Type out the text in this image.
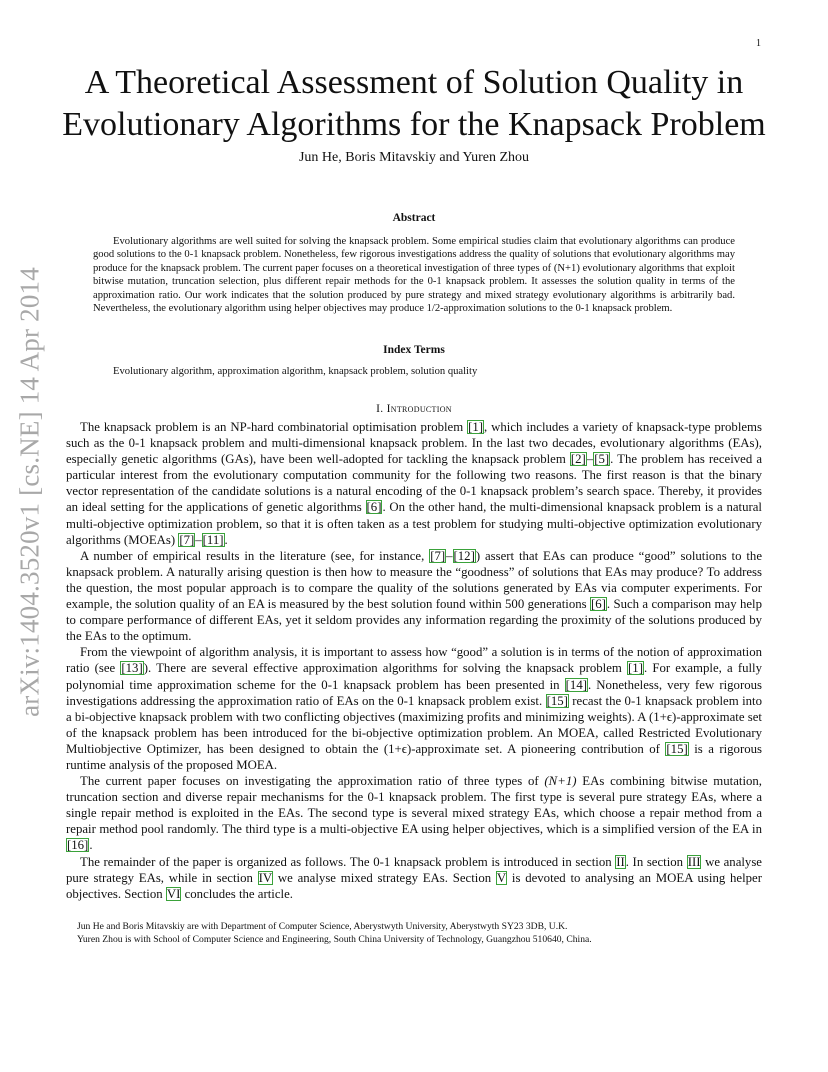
1
arXiv:1404.3520v1 [cs.NE] 14 Apr 2014
A Theoretical Assessment of Solution Quality in Evolutionary Algorithms for the Knapsack Problem
Jun He, Boris Mitavskiy and Yuren Zhou
Abstract
Evolutionary algorithms are well suited for solving the knapsack problem. Some empirical studies claim that evolutionary algorithms can produce good solutions to the 0-1 knapsack problem. Nonetheless, few rigorous investigations address the quality of solutions that evolutionary algorithms may produce for the knapsack problem. The current paper focuses on a theoretical investigation of three types of (N+1) evolutionary algorithms that exploit bitwise mutation, truncation selection, plus different repair methods for the 0-1 knapsack problem. It assesses the solution quality in terms of the approximation ratio. Our work indicates that the solution produced by pure strategy and mixed strategy evolutionary algorithms is arbitrarily bad. Nevertheless, the evolutionary algorithm using helper objectives may produce 1/2-approximation solutions to the 0-1 knapsack problem.
Index Terms
Evolutionary algorithm, approximation algorithm, knapsack problem, solution quality
I. Introduction

The knapsack problem is an NP-hard combinatorial optimisation problem [1], which includes a variety of knapsack-type problems such as the 0-1 knapsack problem and multi-dimensional knapsack problem. In the last two decades, evolutionary algorithms (EAs), especially genetic algorithms (GAs), have been well-adopted for tackling the knapsack problem [2]–[5]. The problem has received a particular interest from the evolutionary computation community for the following two reasons. The first reason is that the binary vector representation of the candidate solutions is a natural encoding of the 0-1 knapsack problem’s search space. Thereby, it provides an ideal setting for the applications of genetic algorithms [6]. On the other hand, the multi-dimensional knapsack problem is a natural multi-objective optimization problem, so that it is often taken as a test problem for studying multi-objective optimization evolutionary algorithms (MOEAs) [7]–[11].

A number of empirical results in the literature (see, for instance, [7]–[12]) assert that EAs can produce “good” solutions to the knapsack problem. A naturally arising question is then how to measure the “goodness” of solutions that EAs may produce? To address the question, the most popular approach is to compare the quality of the solutions generated by EAs via computer experiments. For example, the solution quality of an EA is measured by the best solution found within 500 generations [6]. Such a comparison may help to compare performance of different EAs, yet it seldom provides any information regarding the proximity of the solutions produced by the EAs to the optimum.

From the viewpoint of algorithm analysis, it is important to assess how “good” a solution is in terms of the notion of approximation ratio (see [13]). There are several effective approximation algorithms for solving the knapsack problem [1]. For example, a fully polynomial time approximation scheme for the 0-1 knapsack problem has been presented in [14]. Nonetheless, very few rigorous investigations addressing the approximation ratio of EAs on the 0-1 knapsack problem exist. [15] recast the 0-1 knapsack problem into a bi-objective knapsack problem with two conflicting objectives (maximizing profits and minimizing weights). A (1+ϵ)-approximate set of the knapsack problem has been introduced for the bi-objective optimization problem. An MOEA, called Restricted Evolutionary Multiobjective Optimizer, has been designed to obtain the (1+ϵ)-approximate set. A pioneering contribution of [15] is a rigorous runtime analysis of the proposed MOEA.

The current paper focuses on investigating the approximation ratio of three types of (N+1) EAs combining bitwise mutation, truncation section and diverse repair mechanisms for the 0-1 knapsack problem. The first type is several pure strategy EAs, where a single repair method is exploited in the EAs. The second type is several mixed strategy EAs, which choose a repair method from a repair method pool randomly. The third type is a multi-objective EA using helper objectives, which is a simplified version of the EA in [16].

The remainder of the paper is organized as follows. The 0-1 knapsack problem is introduced in section II. In section III we analyse pure strategy EAs, while in section IV we analyse mixed strategy EAs. Section V is devoted to analysing an MOEA using helper objectives. Section VI concludes the article.

Jun He and Boris Mitavskiy are with Department of Computer Science, Aberystwyth University, Aberystwyth SY23 3DB, U.K.
Yuren Zhou is with School of Computer Science and Engineering, South China University of Technology, Guangzhou 510640, China.
